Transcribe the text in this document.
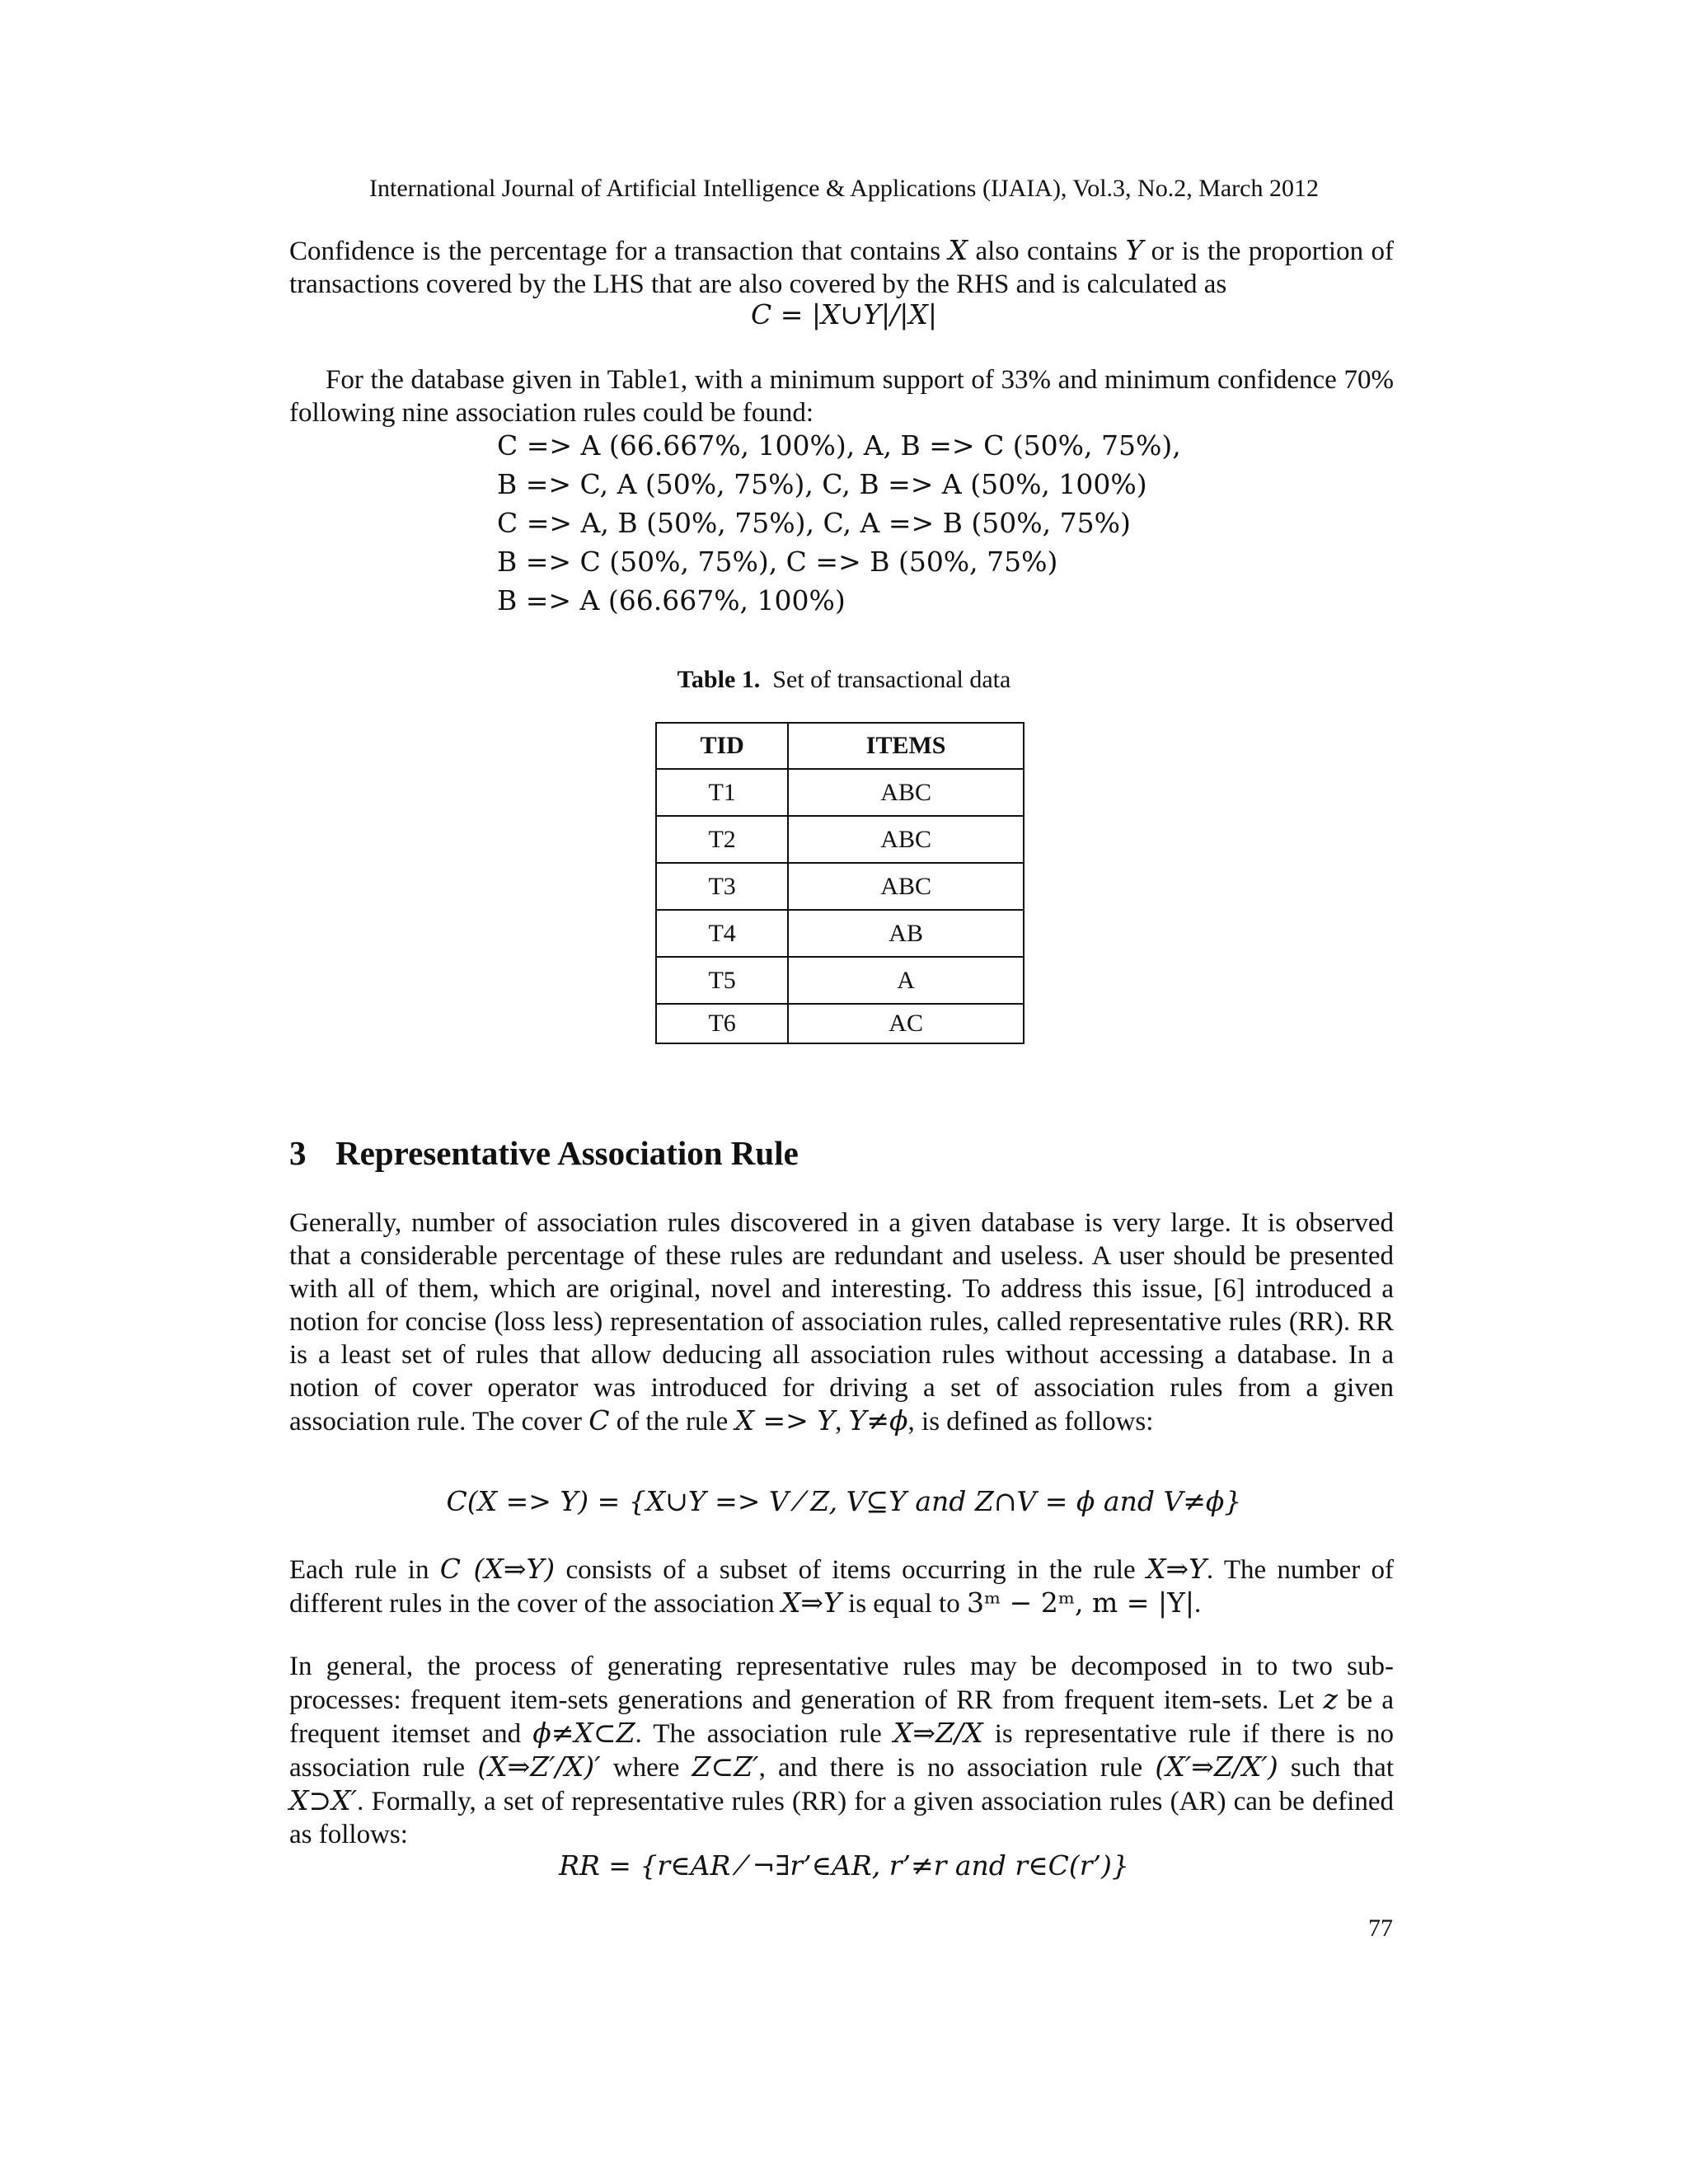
International Journal of Artificial Intelligence & Applications (IJAIA), Vol.3, No.2, March 2012
Confidence is the percentage for a transaction that contains X also contains Y or is the proportion of transactions covered by the LHS that are also covered by the RHS and is calculated as
C = |X∪Y|/|X|
For the database given in Table1, with a minimum support of 33% and minimum confidence 70% following nine association rules could be found:
C => A (66.667%, 100%), A, B => C (50%, 75%),
B => C, A (50%, 75%), C, B => A (50%, 100%)
C => A, B (50%, 75%), C, A => B (50%, 75%)
B => C (50%, 75%), C => B (50%, 75%)
B => A (66.667%, 100%)
Table 1. Set of transactional data
TID	ITEMS
T1	ABC
T2	ABC
T3	ABC
T4	AB
T5	A
T6	AC
3 Representative Association Rule
Generally, number of association rules discovered in a given database is very large. It is observed that a considerable percentage of these rules are redundant and useless. A user should be presented with all of them, which are original, novel and interesting. To address this issue, [6] introduced a notion for concise (loss less) representation of association rules, called representative rules (RR). RR is a least set of rules that allow deducing all association rules without accessing a database. In a notion of cover operator was introduced for driving a set of association rules from a given association rule. The cover C of the rule X => Y, Y≠ϕ, is defined as follows:
C(X => Y) = {X∪Y => V ⁄ Z, V⊆Y and Z∩V = ϕ and V≠ϕ}
Each rule in C (X⇒Y) consists of a subset of items occurring in the rule X⇒Y. The number of different rules in the cover of the association X⇒Y is equal to 3ᵐ − 2ᵐ, m = |Y|.
In general, the process of generating representative rules may be decomposed in to two sub-processes: frequent item-sets generations and generation of RR from frequent item-sets. Let z be a frequent itemset and ϕ≠X⊂Z. The association rule X⇒Z/X is representative rule if there is no association rule (X⇒Z′/X)′ where Z⊂Z′, and there is no association rule (X′⇒Z/X′) such that X⊃X′. Formally, a set of representative rules (RR) for a given association rules (AR) can be defined as follows:
RR = {r∈AR ⁄ ¬∃r’∈AR, r’≠r and r∈C(r’)}
77
